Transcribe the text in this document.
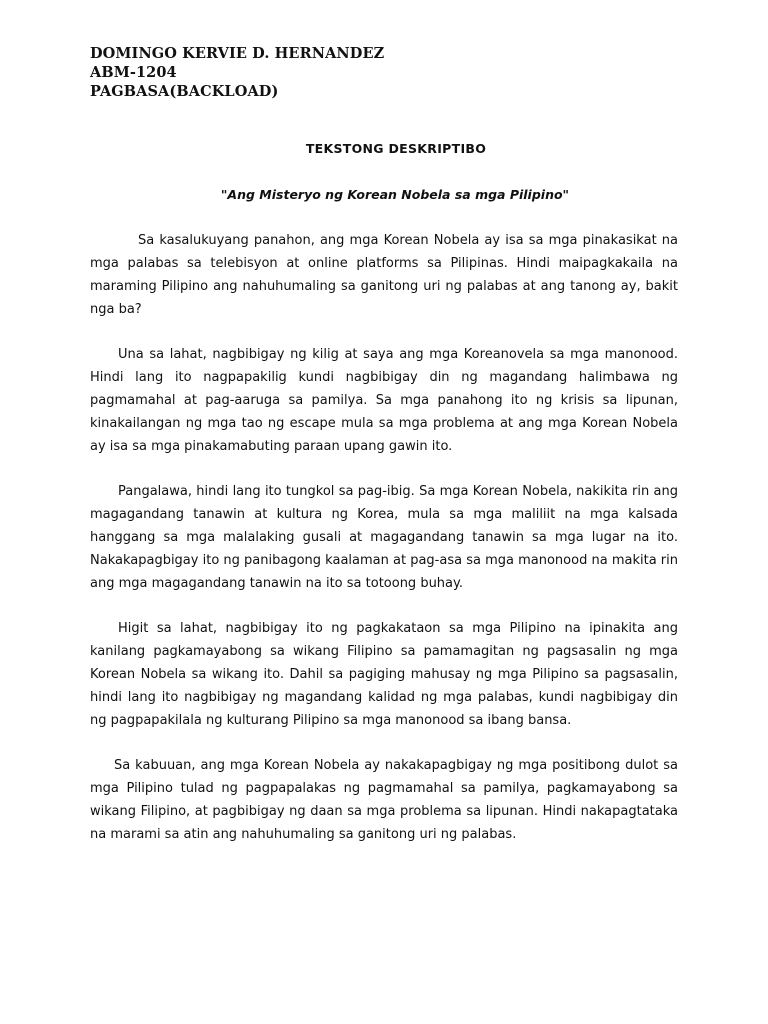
DOMINGO KERVIE D. HERNANDEZ
ABM-1204
PAGBASA(BACKLOAD)
TEKSTONG DESKRIPTIBO
"Ang Misteryo ng Korean Nobela sa mga Pilipino"

Sa kasalukuyang panahon, ang mga Korean Nobela ay isa sa mga pinakasikat na mga palabas sa telebisyon at online platforms sa Pilipinas. Hindi maipagkakaila na maraming Pilipino ang nahuhumaling sa ganitong uri ng palabas at ang tanong ay, bakit nga ba?

Una sa lahat, nagbibigay ng kilig at saya ang mga Koreanovela sa mga manonood. Hindi lang ito nagpapakilig kundi nagbibigay din ng magandang halimbawa ng pagmamahal at pag-aaruga sa pamilya. Sa mga panahong ito ng krisis sa lipunan, kinakailangan ng mga tao ng escape mula sa mga problema at ang mga Korean Nobela ay isa sa mga pinakamabuting paraan upang gawin ito.

Pangalawa, hindi lang ito tungkol sa pag-ibig. Sa mga Korean Nobela, nakikita rin ang magagandang tanawin at kultura ng Korea, mula sa mga maliliit na mga kalsada hanggang sa mga malalaking gusali at magagandang tanawin sa mga lugar na ito. Nakakapagbigay ito ng panibagong kaalaman at pag-asa sa mga manonood na makita rin ang mga magagandang tanawin na ito sa totoong buhay.

Higit sa lahat, nagbibigay ito ng pagkakataon sa mga Pilipino na ipinakita ang kanilang pagkamayabong sa wikang Filipino sa pamamagitan ng pagsasalin ng mga Korean Nobela sa wikang ito. Dahil sa pagiging mahusay ng mga Pilipino sa pagsasalin, hindi lang ito nagbibigay ng magandang kalidad ng mga palabas, kundi nagbibigay din ng pagpapakilala ng kulturang Pilipino sa mga manonood sa ibang bansa.

Sa kabuuan, ang mga Korean Nobela ay nakakapagbigay ng mga positibong dulot sa mga Pilipino tulad ng pagpapalakas ng pagmamahal sa pamilya, pagkamayabong sa wikang Filipino, at pagbibigay ng daan sa mga problema sa lipunan. Hindi nakapagtataka na marami sa atin ang nahuhumaling sa ganitong uri ng palabas.
